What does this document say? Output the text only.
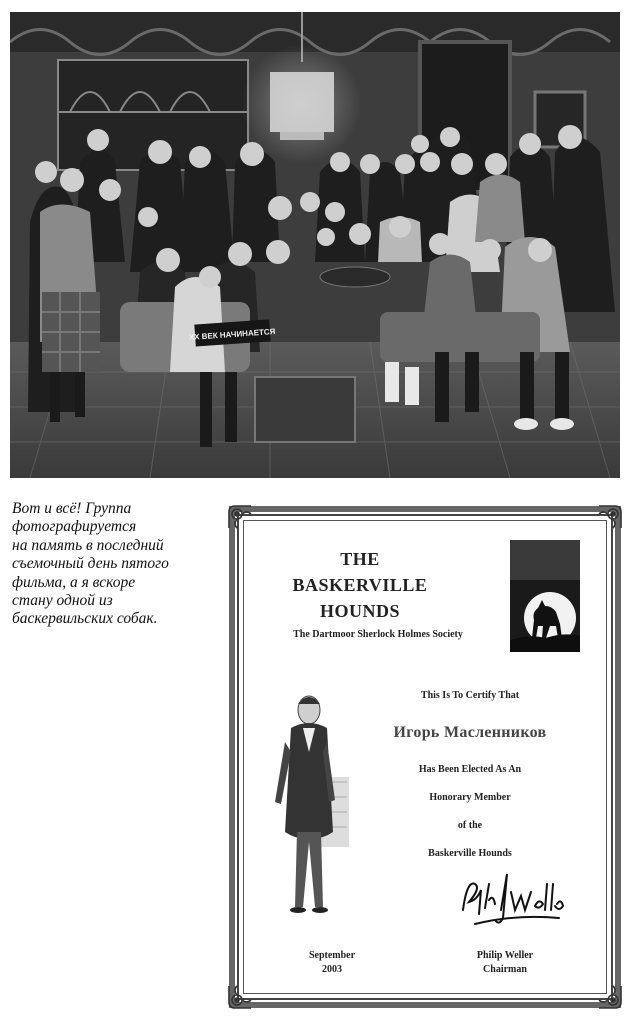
XX ВЕК НАЧИНАЕТСЯ
Вот и всё! Группа
фотографируется
на память в последний
съемочный день пятого
фильма, а я вскоре
стану одной из
баскервильских собак.
THE
BASKERVILLE
HOUNDS
The Dartmoor Sherlock Holmes Society
This Is To Certify That
Игорь Масленников
Has Been Elected As An
Honorary Member
of the
Baskerville Hounds
September
2003
Philip Weller
Chairman
